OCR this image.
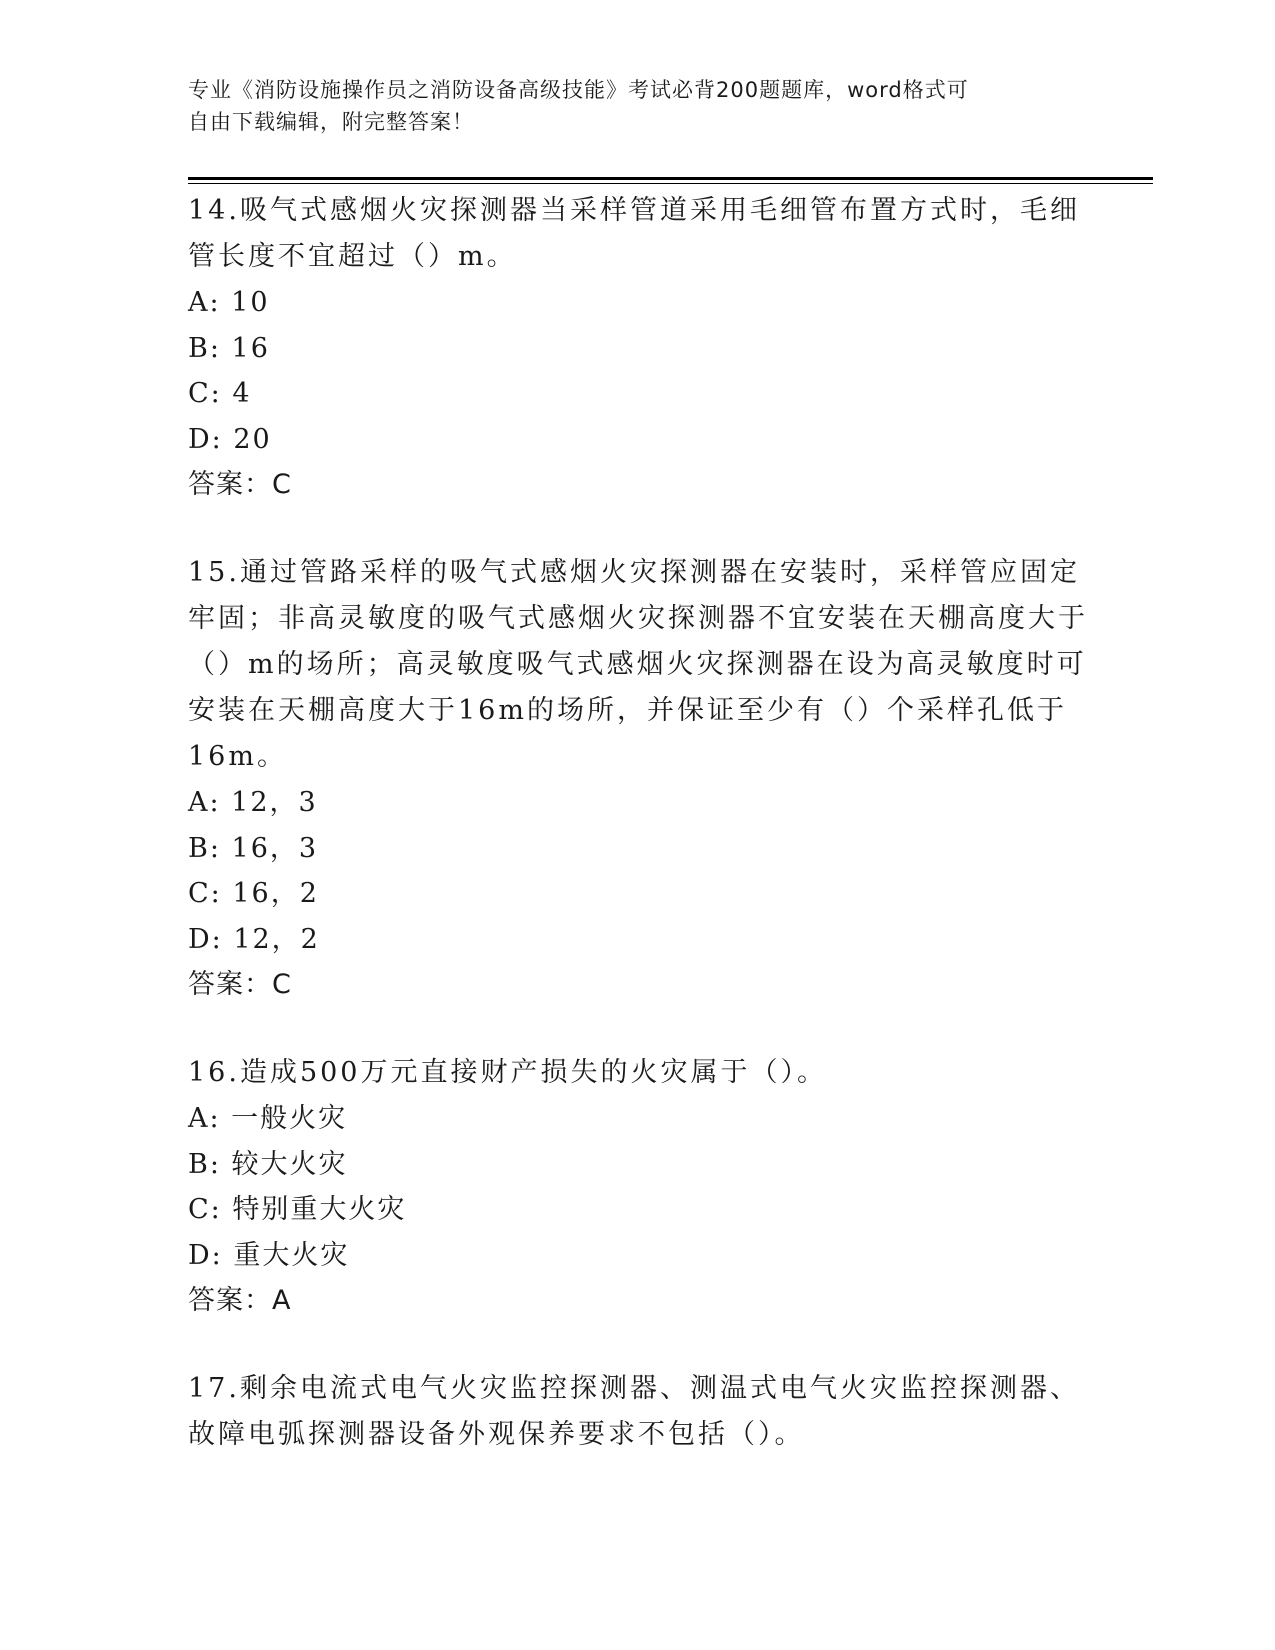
专业《消防设施操作员之消防设备高级技能》考试必背200题题库，word格式可
自由下载编辑，附完整答案！

14.吸气式感烟火灾探测器当采样管道采用毛细管布置方式时，毛细管长度不宜超过（）m。

A: 10

B: 16

C: 4

D: 20

答案：C

15.通过管路采样的吸气式感烟火灾探测器在安装时，采样管应固定牢固；非高灵敏度的吸气式感烟火灾探测器不宜安装在天棚高度大于（）m的场所；高灵敏度吸气式感烟火灾探测器在设为高灵敏度时可安装在天棚高度大于16m的场所，并保证至少有（）个采样孔低于16m。

A: 12，3

B: 16，3

C: 16，2

D: 12，2

答案：C

16.造成500万元直接财产损失的火灾属于（）。

A: 一般火灾

B: 较大火灾

C: 特别重大火灾

D: 重大火灾

答案：A

17.剩余电流式电气火灾监控探测器、测温式电气火灾监控探测器、故障电弧探测器设备外观保养要求不包括（）。
